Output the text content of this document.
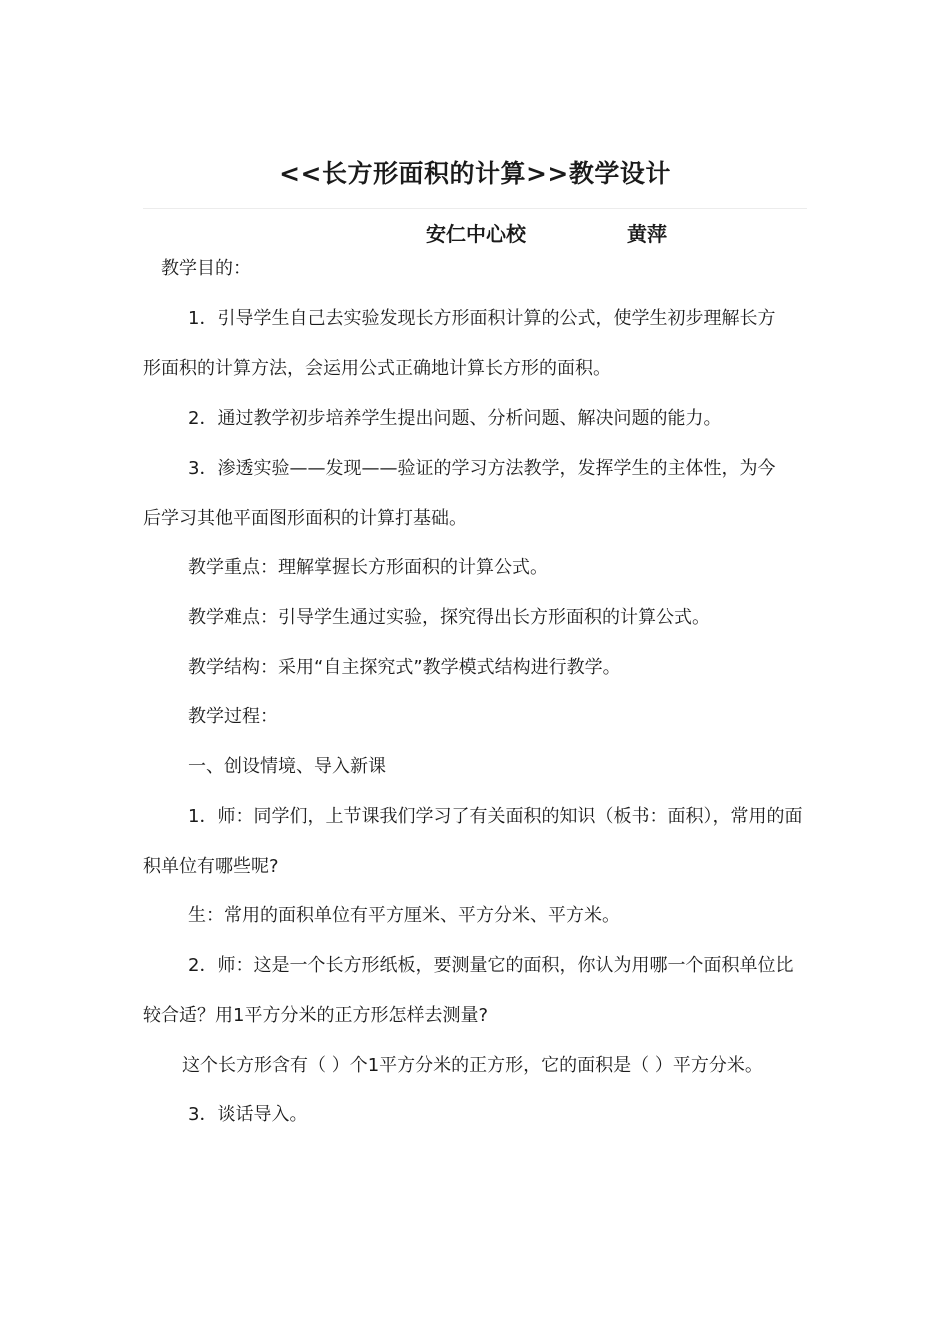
<<长方形面积的计算>>教学设计
安仁中心校	黄萍
教学目的：
1．引导学生自己去实验发现长方形面积计算的公式，使学生初步理解长方
形面积的计算方法，会运用公式正确地计算长方形的面积。
2．通过教学初步培养学生提出问题、分析问题、解决问题的能力。
3．渗透实验——发现——验证的学习方法教学，发挥学生的主体性，为今
后学习其他平面图形面积的计算打基础。
教学重点：理解掌握长方形面积的计算公式。
教学难点：引导学生通过实验，探究得出长方形面积的计算公式。
教学结构：采用“自主探究式”教学模式结构进行教学。
教学过程：
一、创设情境、导入新课
1．师：同学们，上节课我们学习了有关面积的知识（板书：面积），常用的面
积单位有哪些呢?
生：常用的面积单位有平方厘米、平方分米、平方米。
2．师：这是一个长方形纸板，要测量它的面积，你认为用哪一个面积单位比
较合适？用1平方分米的正方形怎样去测量?
这个长方形含有（ ）个1平方分米的正方形，它的面积是（ ）平方分米。
3．谈话导入。
